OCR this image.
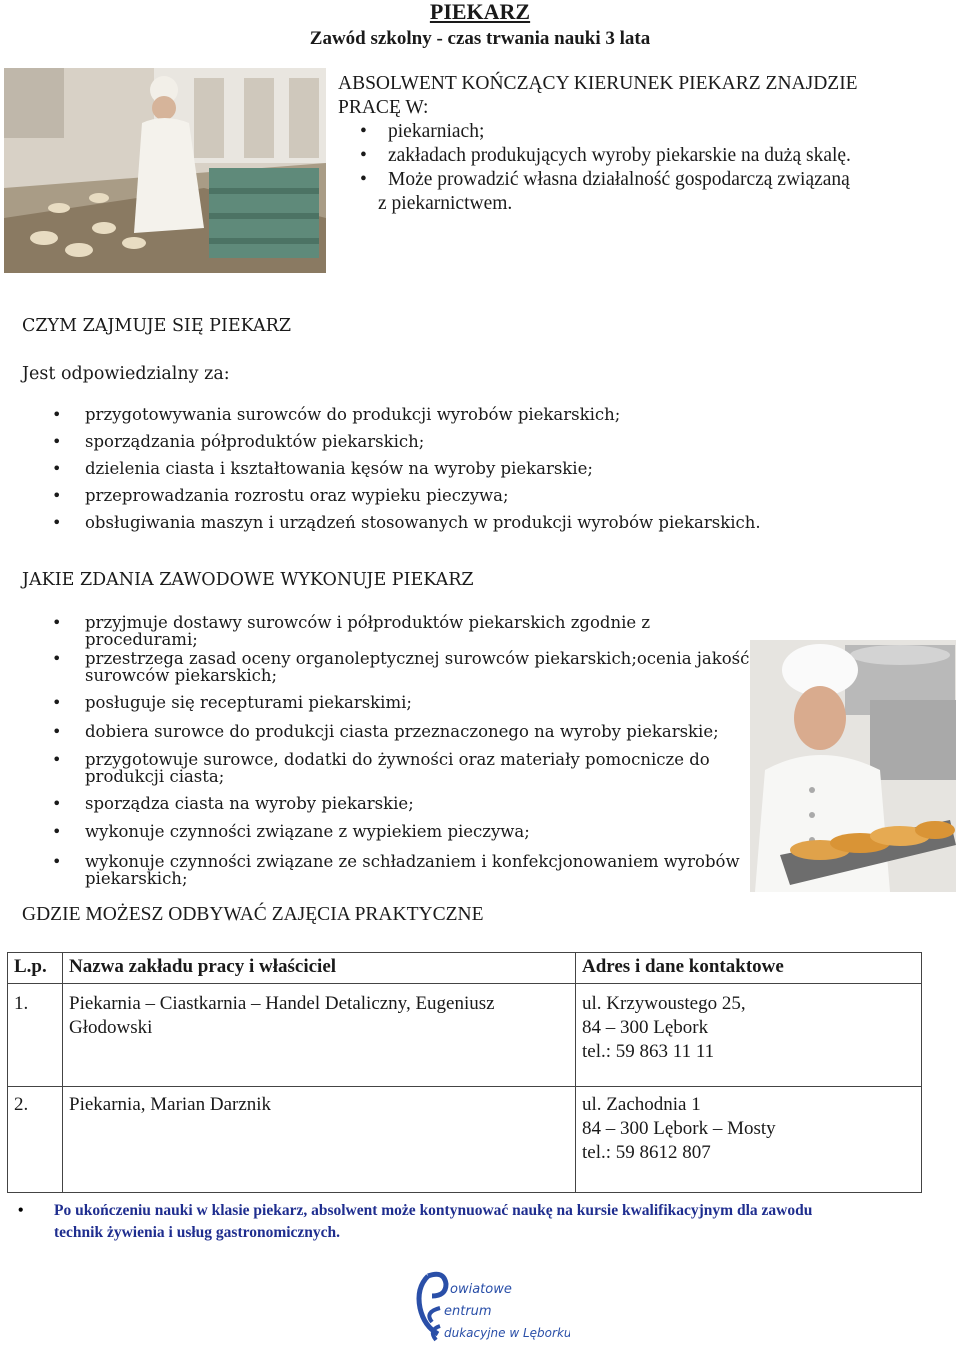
PIEKARZ
Zawód szkolny - czas trwania nauki 3 lata
ABSOLWENT KOŃCZĄCY KIERUNEK PIEKARZ ZNAJDZIE
PRACĘ W:
• piekarniach;
• zakładach produkujących wyroby piekarskie na dużą skalę.
• Może prowadzić własna działalność gospodarczą związaną
z piekarnictwem.
CZYM ZAJMUJE SIĘ PIEKARZ
Jest odpowiedzialny za:
• przygotowywania surowców do produkcji wyrobów piekarskich;
• sporządzania półproduktów piekarskich;
• dzielenia ciasta i kształtowania kęsów na wyroby piekarskie;
• przeprowadzania rozrostu oraz wypieku pieczywa;
• obsługiwania maszyn i urządzeń stosowanych w produkcji wyrobów piekarskich.
JAKIE ZDANIA ZAWODOWE WYKONUJE PIEKARZ
• przyjmuje dostawy surowców i półproduktów piekarskich zgodnie z procedurami;
• przestrzega zasad oceny organoleptycznej surowców piekarskich;ocenia jakość
surowców piekarskich;
• posługuje się recepturami piekarskimi;
• dobiera surowce do produkcji ciasta przeznaczonego na wyroby piekarskie;
• przygotowuje surowce, dodatki do żywności oraz materiały pomocnicze do
produkcji ciasta;
• sporządza ciasta na wyroby piekarskie;
• wykonuje czynności związane z wypiekiem pieczywa;
• wykonuje czynności związane ze schładzaniem i konfekcjonowaniem wyrobów
piekarskich;
GDZIE MOŻESZ ODBYWAĆ ZAJĘCIA PRAKTYCZNE
L.p.	Nazwa zakładu pracy i właściciel	Adres i dane kontaktowe
1.	Piekarnia – Ciastkarnia – Handel Detaliczny, Eugeniusz
Głodowski	ul. Krzywoustego 25,
84 – 300 Lębork
tel.: 59 863 11 11
2.	Piekarnia, Marian Darznik	ul. Zachodnia 1
84 – 300 Lębork – Mosty
tel.: 59 8612 807
• Po ukończeniu nauki w klasie piekarz, absolwent może kontynuować naukę na kursie kwalifikacyjnym dla zawodu
technik żywienia i usług gastronomicznych.
owiatowe
entrum
dukacyjne w Lęborku
